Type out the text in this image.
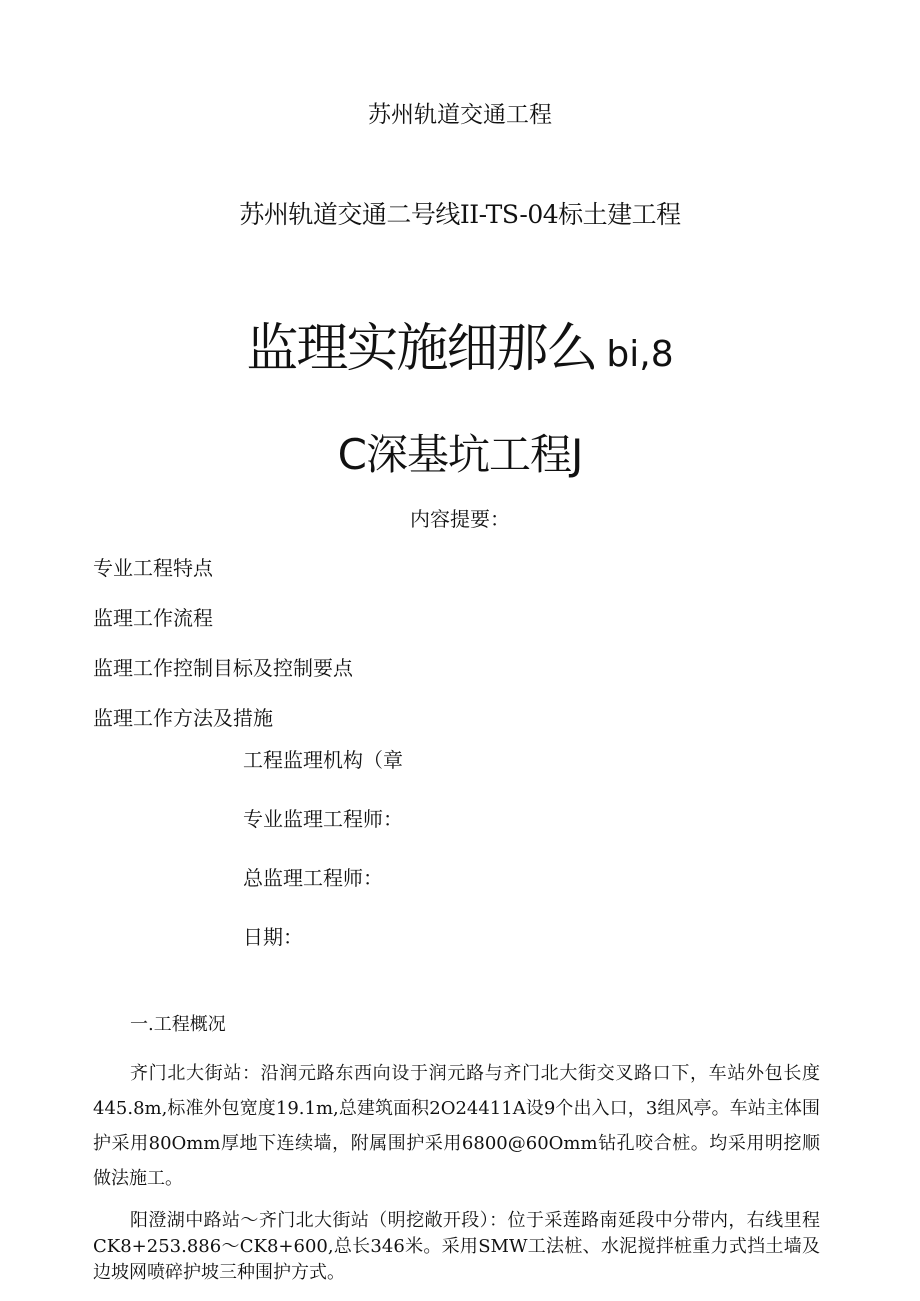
苏州轨道交通工程
苏州轨道交通二号线II-TS-04标土建工程
监理实施细那么 bi,8
C深基坑工程J
内容提要：
专业工程特点
监理工作流程
监理工作控制目标及控制要点
监理工作方法及措施
工程监理机构（章
专业监理工程师：
总监理工程师：
日期：
一.工程概况
齐门北大街站：沿润元路东西向设于润元路与齐门北大街交叉路口下，车站外包长度445.8m,标准外包宽度19.1m,总建筑面积2O24411A设9个出入口，3组风亭。车站主体围护采用80Omm厚地下连续墙，附属围护采用6800@60Omm钻孔咬合桩。均采用明挖顺做法施工。
阳澄湖中路站〜齐门北大街站（明挖敞开段）：位于采莲路南延段中分带内，右线里程CK8+253.886〜CK8+600,总长346米。采用SMW工法桩、水泥搅拌桩重力式挡土墙及边坡网喷碎护坡三种围护方式。
